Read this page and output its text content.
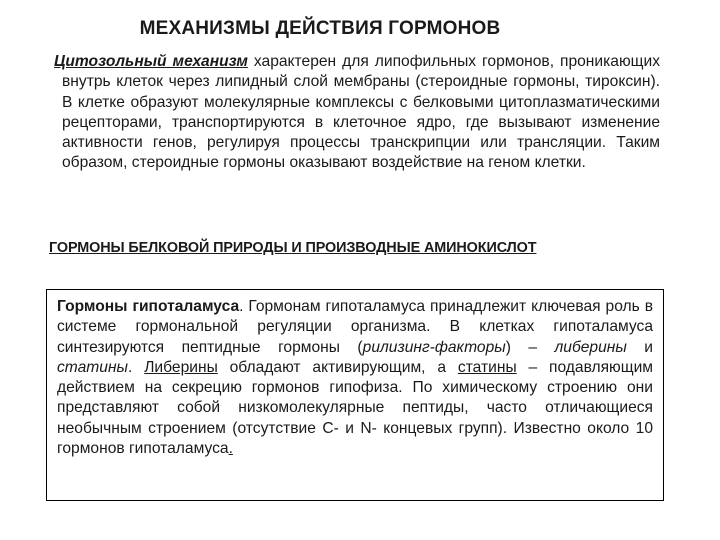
МЕХАНИЗМЫ ДЕЙСТВИЯ ГОРМОНОВ
Цитозольный механизм характерен для липофильных гормонов, проникающих внутрь клеток через липидный слой мембраны (стероидные гормоны, тироксин). В клетке образуют молекулярные комплексы с белковыми цитоплазматическими рецепторами, транспортируются в клеточное ядро, где вызывают изменение активности генов, регулируя процессы транскрипции или трансляции. Таким образом, стероидные гормоны оказывают воздействие на геном клетки.
ГОРМОНЫ БЕЛКОВОЙ ПРИРОДЫ И ПРОИЗВОДНЫЕ АМИНОКИСЛОТ

Гормоны гипоталамуса. Гормонам гипоталамуса принадлежит ключевая роль в системе гормональной регуляции организма. В клетках гипоталамуса синтезируются пептидные гормоны (рилизинг-факторы) – либерины и статины. Либерины обладают активирующим, а статины – подавляющим действием на секрецию гормонов гипофиза. По химическому строению они представляют собой низкомолекулярные пептиды, часто отличающиеся необычным строением (отсутствие С- и N- концевых групп). Известно около 10 гормонов гипоталамуса.
